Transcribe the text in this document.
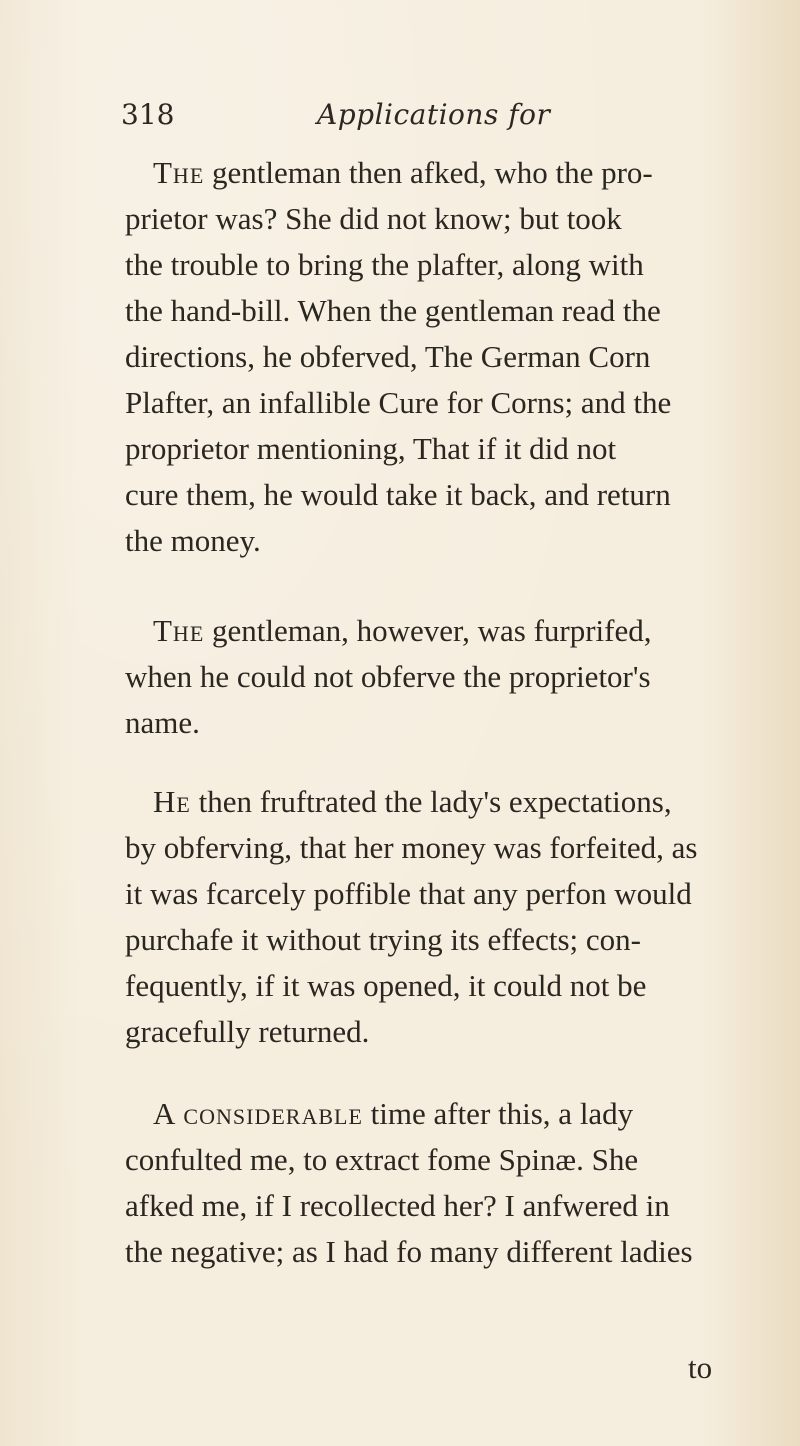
318	Applications for
The gentleman then afked, who the pro-
prietor was? She did not know; but took
the trouble to bring the plafter, along with
the hand-bill. When the gentleman read the
directions, he obferved, The German Corn
Plafter, an infallible Cure for Corns; and the
proprietor mentioning, That if it did not
cure them, he would take it back, and return
the money.
The gentleman, however, was furprifed,
when he could not obferve the proprietor's
name.
He then fruftrated the lady's expectations,
by obferving, that her money was forfeited, as
it was fcarcely poffible that any perfon would
purchafe it without trying its effects; con-
fequently, if it was opened, it could not be
gracefully returned.
A considerable time after this, a lady
confulted me, to extract fome Spinæ. She
afked me, if I recollected her? I anfwered in
the negative; as I had fo many different ladies
to
